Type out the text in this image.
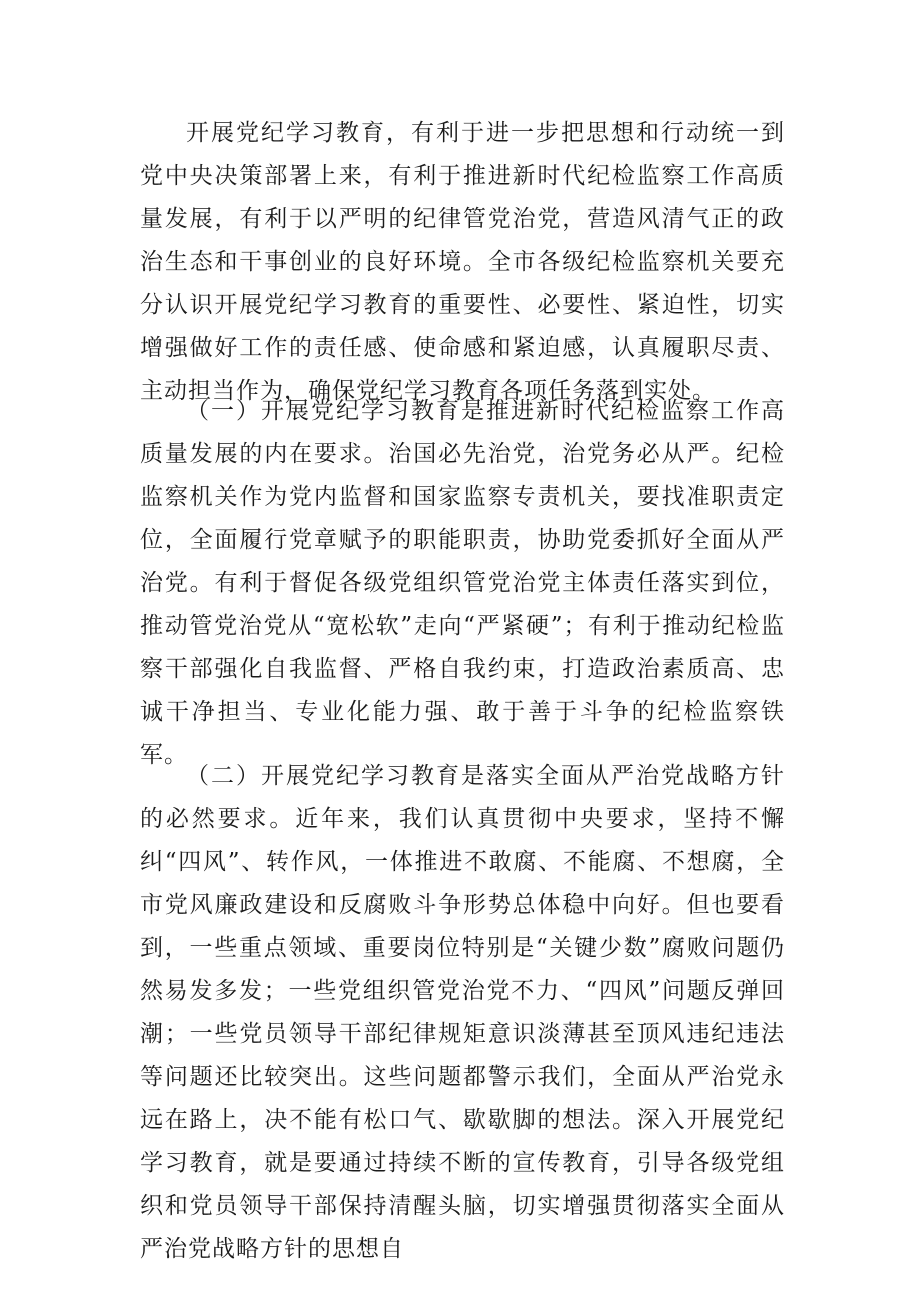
开展党纪学习教育，有利于进一步把思想和行动统一到党中央决策部署上来，有利于推进新时代纪检监察工作高质量发展，有利于以严明的纪律管党治党，营造风清气正的政治生态和干事创业的良好环境。全市各级纪检监察机关要充分认识开展党纪学习教育的重要性、必要性、紧迫性，切实增强做好工作的责任感、使命感和紧迫感，认真履职尽责、主动担当作为，确保党纪学习教育各项任务落到实处。

（一）开展党纪学习教育是推进新时代纪检监察工作高质量发展的内在要求。治国必先治党，治党务必从严。纪检监察机关作为党内监督和国家监察专责机关，要找准职责定位，全面履行党章赋予的职能职责，协助党委抓好全面从严治党。有利于督促各级党组织管党治党主体责任落实到位，推动管党治党从“宽松软”走向“严紧硬”；有利于推动纪检监察干部强化自我监督、严格自我约束，打造政治素质高、忠诚干净担当、专业化能力强、敢于善于斗争的纪检监察铁军。

（二）开展党纪学习教育是落实全面从严治党战略方针的必然要求。近年来，我们认真贯彻中央要求，坚持不懈纠“四风”、转作风，一体推进不敢腐、不能腐、不想腐，全市党风廉政建设和反腐败斗争形势总体稳中向好。但也要看到，一些重点领域、重要岗位特别是“关键少数”腐败问题仍然易发多发；一些党组织管党治党不力、“四风”问题反弹回潮；一些党员领导干部纪律规矩意识淡薄甚至顶风违纪违法等问题还比较突出。这些问题都警示我们，全面从严治党永远在路上，决不能有松口气、歇歇脚的想法。深入开展党纪学习教育，就是要通过持续不断的宣传教育，引导各级党组织和党员领导干部保持清醒头脑，切实增强贯彻落实全面从严治党战略方针的思想自
